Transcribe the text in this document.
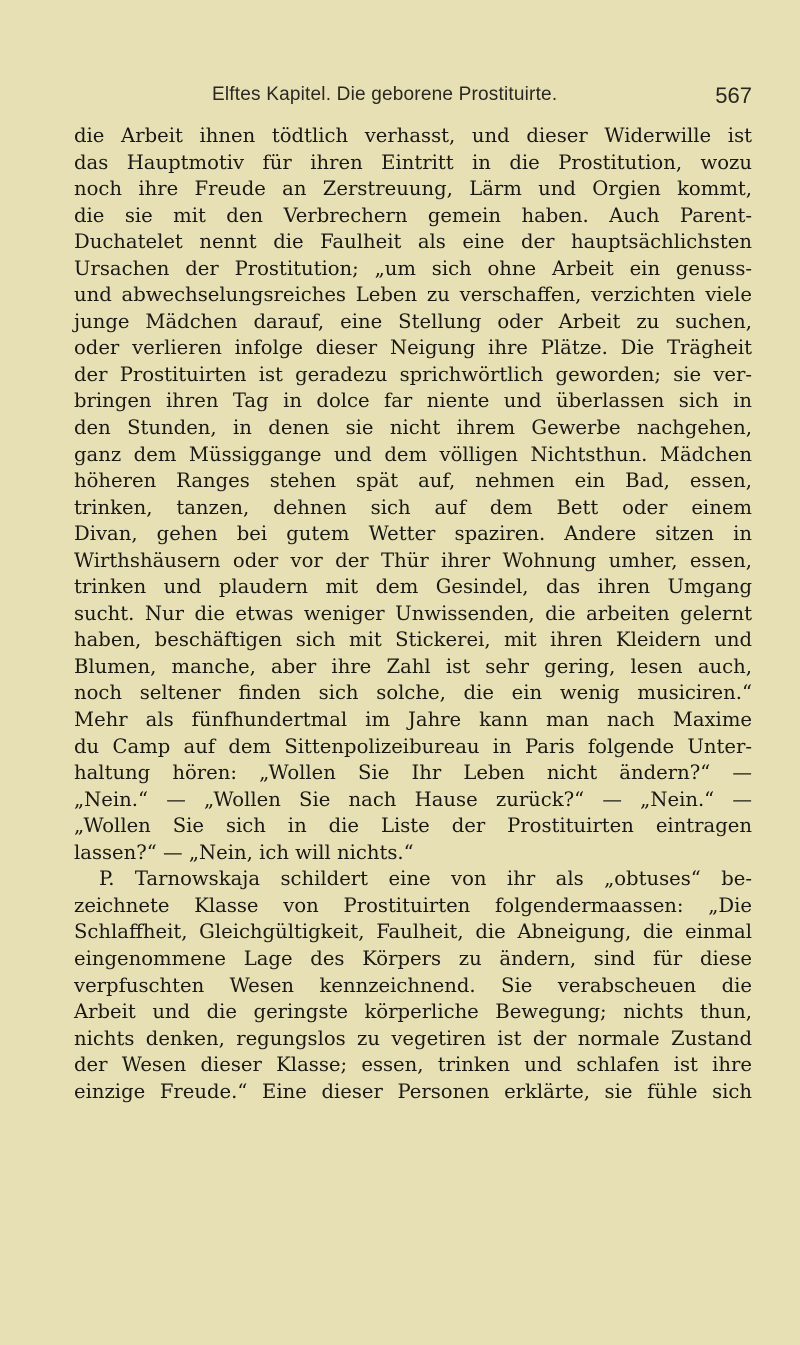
Elftes Kapitel. Die geborene Prostituirte.	567
die Arbeit ihnen tödtlich verhasst, und dieser Widerwille ist
das Hauptmotiv für ihren Eintritt in die Prostitution, wozu
noch ihre Freude an Zerstreuung, Lärm und Orgien kommt,
die sie mit den Verbrechern gemein haben. Auch Parent-
Duchatelet nennt die Faulheit als eine der hauptsächlichsten
Ursachen der Prostitution; „um sich ohne Arbeit ein genuss-
und abwechselungsreiches Leben zu verschaffen, verzichten viele
junge Mädchen darauf, eine Stellung oder Arbeit zu suchen,
oder verlieren infolge dieser Neigung ihre Plätze. Die Trägheit
der Prostituirten ist geradezu sprichwörtlich geworden; sie ver-
bringen ihren Tag in dolce far niente und überlassen sich in
den Stunden, in denen sie nicht ihrem Gewerbe nachgehen,
ganz dem Müssiggange und dem völligen Nichtsthun. Mädchen
höheren Ranges stehen spät auf, nehmen ein Bad, essen,
trinken, tanzen, dehnen sich auf dem Bett oder einem
Divan, gehen bei gutem Wetter spaziren. Andere sitzen in
Wirthshäusern oder vor der Thür ihrer Wohnung umher, essen,
trinken und plaudern mit dem Gesindel, das ihren Umgang
sucht. Nur die etwas weniger Unwissenden, die arbeiten gelernt
haben, beschäftigen sich mit Stickerei, mit ihren Kleidern und
Blumen, manche, aber ihre Zahl ist sehr gering, lesen auch,
noch seltener finden sich solche, die ein wenig musiciren.“
Mehr als fünfhundertmal im Jahre kann man nach Maxime
du Camp auf dem Sittenpolizeibureau in Paris folgende Unter-
haltung hören: „Wollen Sie Ihr Leben nicht ändern?“ —
„Nein.“ — „Wollen Sie nach Hause zurück?“ — „Nein.“ —
„Wollen Sie sich in die Liste der Prostituirten eintragen
lassen?“ — „Nein, ich will nichts.“
P. Tarnowskaja schildert eine von ihr als „obtuses“ be-
zeichnete Klasse von Prostituirten folgendermaassen: „Die
Schlaffheit, Gleichgültigkeit, Faulheit, die Abneigung, die einmal
eingenommene Lage des Körpers zu ändern, sind für diese
verpfuschten Wesen kennzeichnend. Sie verabscheuen die
Arbeit und die geringste körperliche Bewegung; nichts thun,
nichts denken, regungslos zu vegetiren ist der normale Zustand
der Wesen dieser Klasse; essen, trinken und schlafen ist ihre
einzige Freude.“ Eine dieser Personen erklärte, sie fühle sich
